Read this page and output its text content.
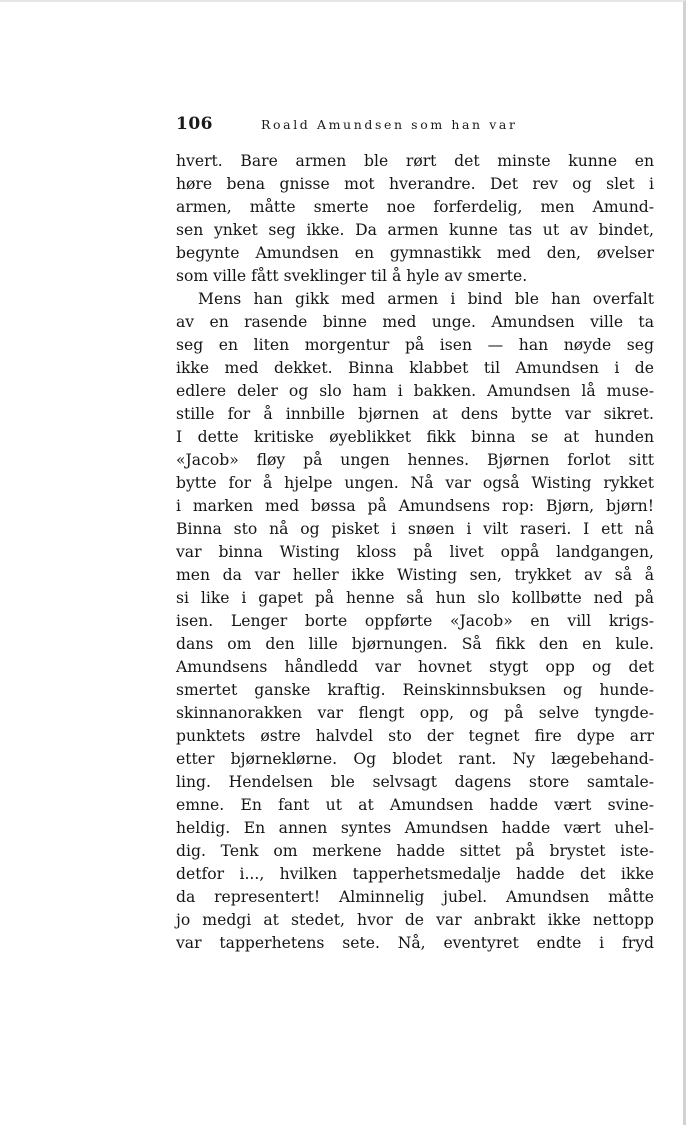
106	Roald Amundsen som han var
hvert. Bare armen ble rørt det minste kunne en
høre bena gnisse mot hverandre. Det rev og slet i
armen, måtte smerte noe forferdelig, men Amund-
sen ynket seg ikke. Da armen kunne tas ut av bindet,
begynte Amundsen en gymnastikk med den, øvelser
som ville fått sveklinger til å hyle av smerte.
Mens han gikk med armen i bind ble han overfalt
av en rasende binne med unge. Amundsen ville ta
seg en liten morgentur på isen — han nøyde seg
ikke med dekket. Binna klabbet til Amundsen i de
edlere deler og slo ham i bakken. Amundsen lå muse-
stille for å innbille bjørnen at dens bytte var sikret.
I dette kritiske øyeblikket fikk binna se at hunden
«Jacob» fløy på ungen hennes. Bjørnen forlot sitt
bytte for å hjelpe ungen. Nå var også Wisting rykket
i marken med bøssa på Amundsens rop: Bjørn, bjørn!
Binna sto nå og pisket i snøen i vilt raseri. I ett nå
var binna Wisting kloss på livet oppå landgangen,
men da var heller ikke Wisting sen, trykket av så å
si like i gapet på henne så hun slo kollbøtte ned på
isen. Lenger borte oppførte «Jacob» en vill krigs-
dans om den lille bjørnungen. Så fikk den en kule.
Amundsens håndledd var hovnet stygt opp og det
smertet ganske kraftig. Reinskinnsbuksen og hunde-
skinnanorakken var flengt opp, og på selve tyngde-
punktets østre halvdel sto der tegnet fire dype arr
etter bjørneklørne. Og blodet rant. Ny lægebehand-
ling. Hendelsen ble selvsagt dagens store samtale-
emne. En fant ut at Amundsen hadde vært svine-
heldig. En annen syntes Amundsen hadde vært uhel-
dig. Tenk om merkene hadde sittet på brystet iste-
detfor i..., hvilken tapperhetsmedalje hadde det ikke
da representert! Alminnelig jubel. Amundsen måtte
jo medgi at stedet, hvor de var anbrakt ikke nettopp
var tapperhetens sete. Nå, eventyret endte i fryd
